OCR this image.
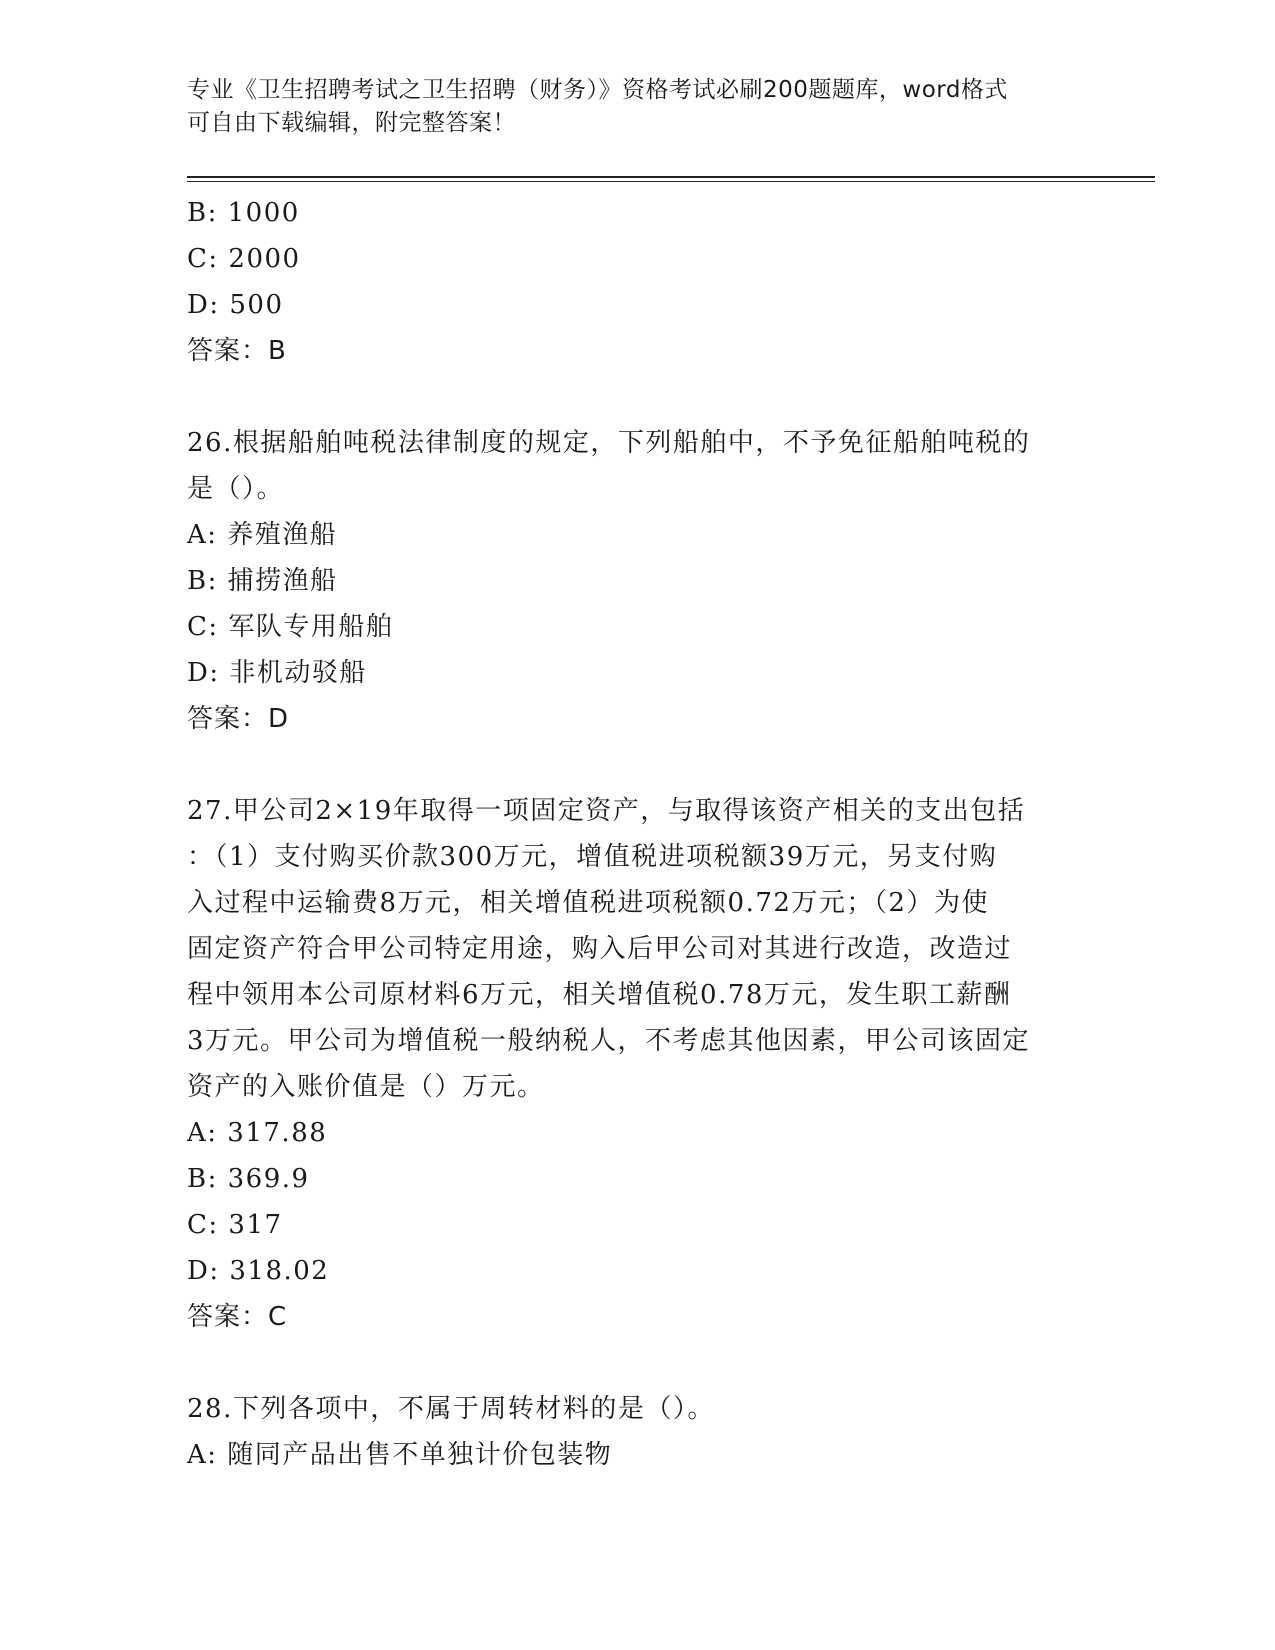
专业《卫生招聘考试之卫生招聘（财务）》资格考试必刷200题题库，word格式
可自由下载编辑，附完整答案！
B: 1000
C: 2000
D: 500
答案：B
26.根据船舶吨税法律制度的规定，下列船舶中，不予免征船舶吨税的
是（）。
A: 养殖渔船
B: 捕捞渔船
C: 军队专用船舶
D: 非机动驳船
答案：D
27.甲公司2×19年取得一项固定资产，与取得该资产相关的支出包括
：（1）支付购买价款300万元，增值税进项税额39万元，另支付购
入过程中运输费8万元，相关增值税进项税额0.72万元；（2）为使
固定资产符合甲公司特定用途，购入后甲公司对其进行改造，改造过
程中领用本公司原材料6万元，相关增值税0.78万元，发生职工薪酬
3万元。甲公司为增值税一般纳税人，不考虑其他因素，甲公司该固定
资产的入账价值是（）万元。
A: 317.88
B: 369.9
C: 317
D: 318.02
答案：C
28.下列各项中，不属于周转材料的是（）。
A: 随同产品出售不单独计价包装物
